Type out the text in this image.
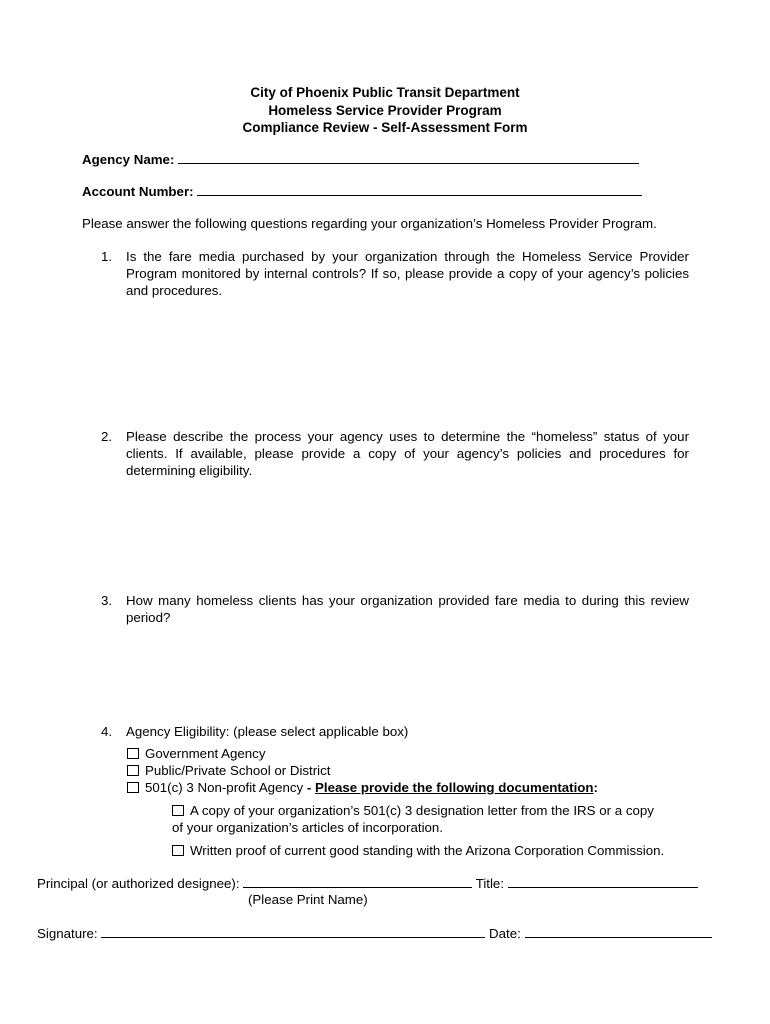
City of Phoenix Public Transit Department
Homeless Service Provider Program
Compliance Review - Self-Assessment Form
Agency Name:
Account Number:
Please answer the following questions regarding your organization’s Homeless Provider Program.
1. Is the fare media purchased by your organization through the Homeless Service Provider Program monitored by internal controls? If so, please provide a copy of your agency’s policies and procedures.
2. Please describe the process your agency uses to determine the “homeless” status of your clients. If available, please provide a copy of your agency’s policies and procedures for determining eligibility.
3. How many homeless clients has your organization provided fare media to during this review period?
4. Agency Eligibility: (please select applicable box)
Government Agency
Public/Private School or District
501(c) 3 Non-profit Agency - Please provide the following documentation:
A copy of your organization’s 501(c) 3 designation letter from the IRS or a copy
of your organization’s articles of incorporation.
Written proof of current good standing with the Arizona Corporation Commission.
Principal (or authorized designee):	Title:
(Please Print Name)
Signature:	Date:
